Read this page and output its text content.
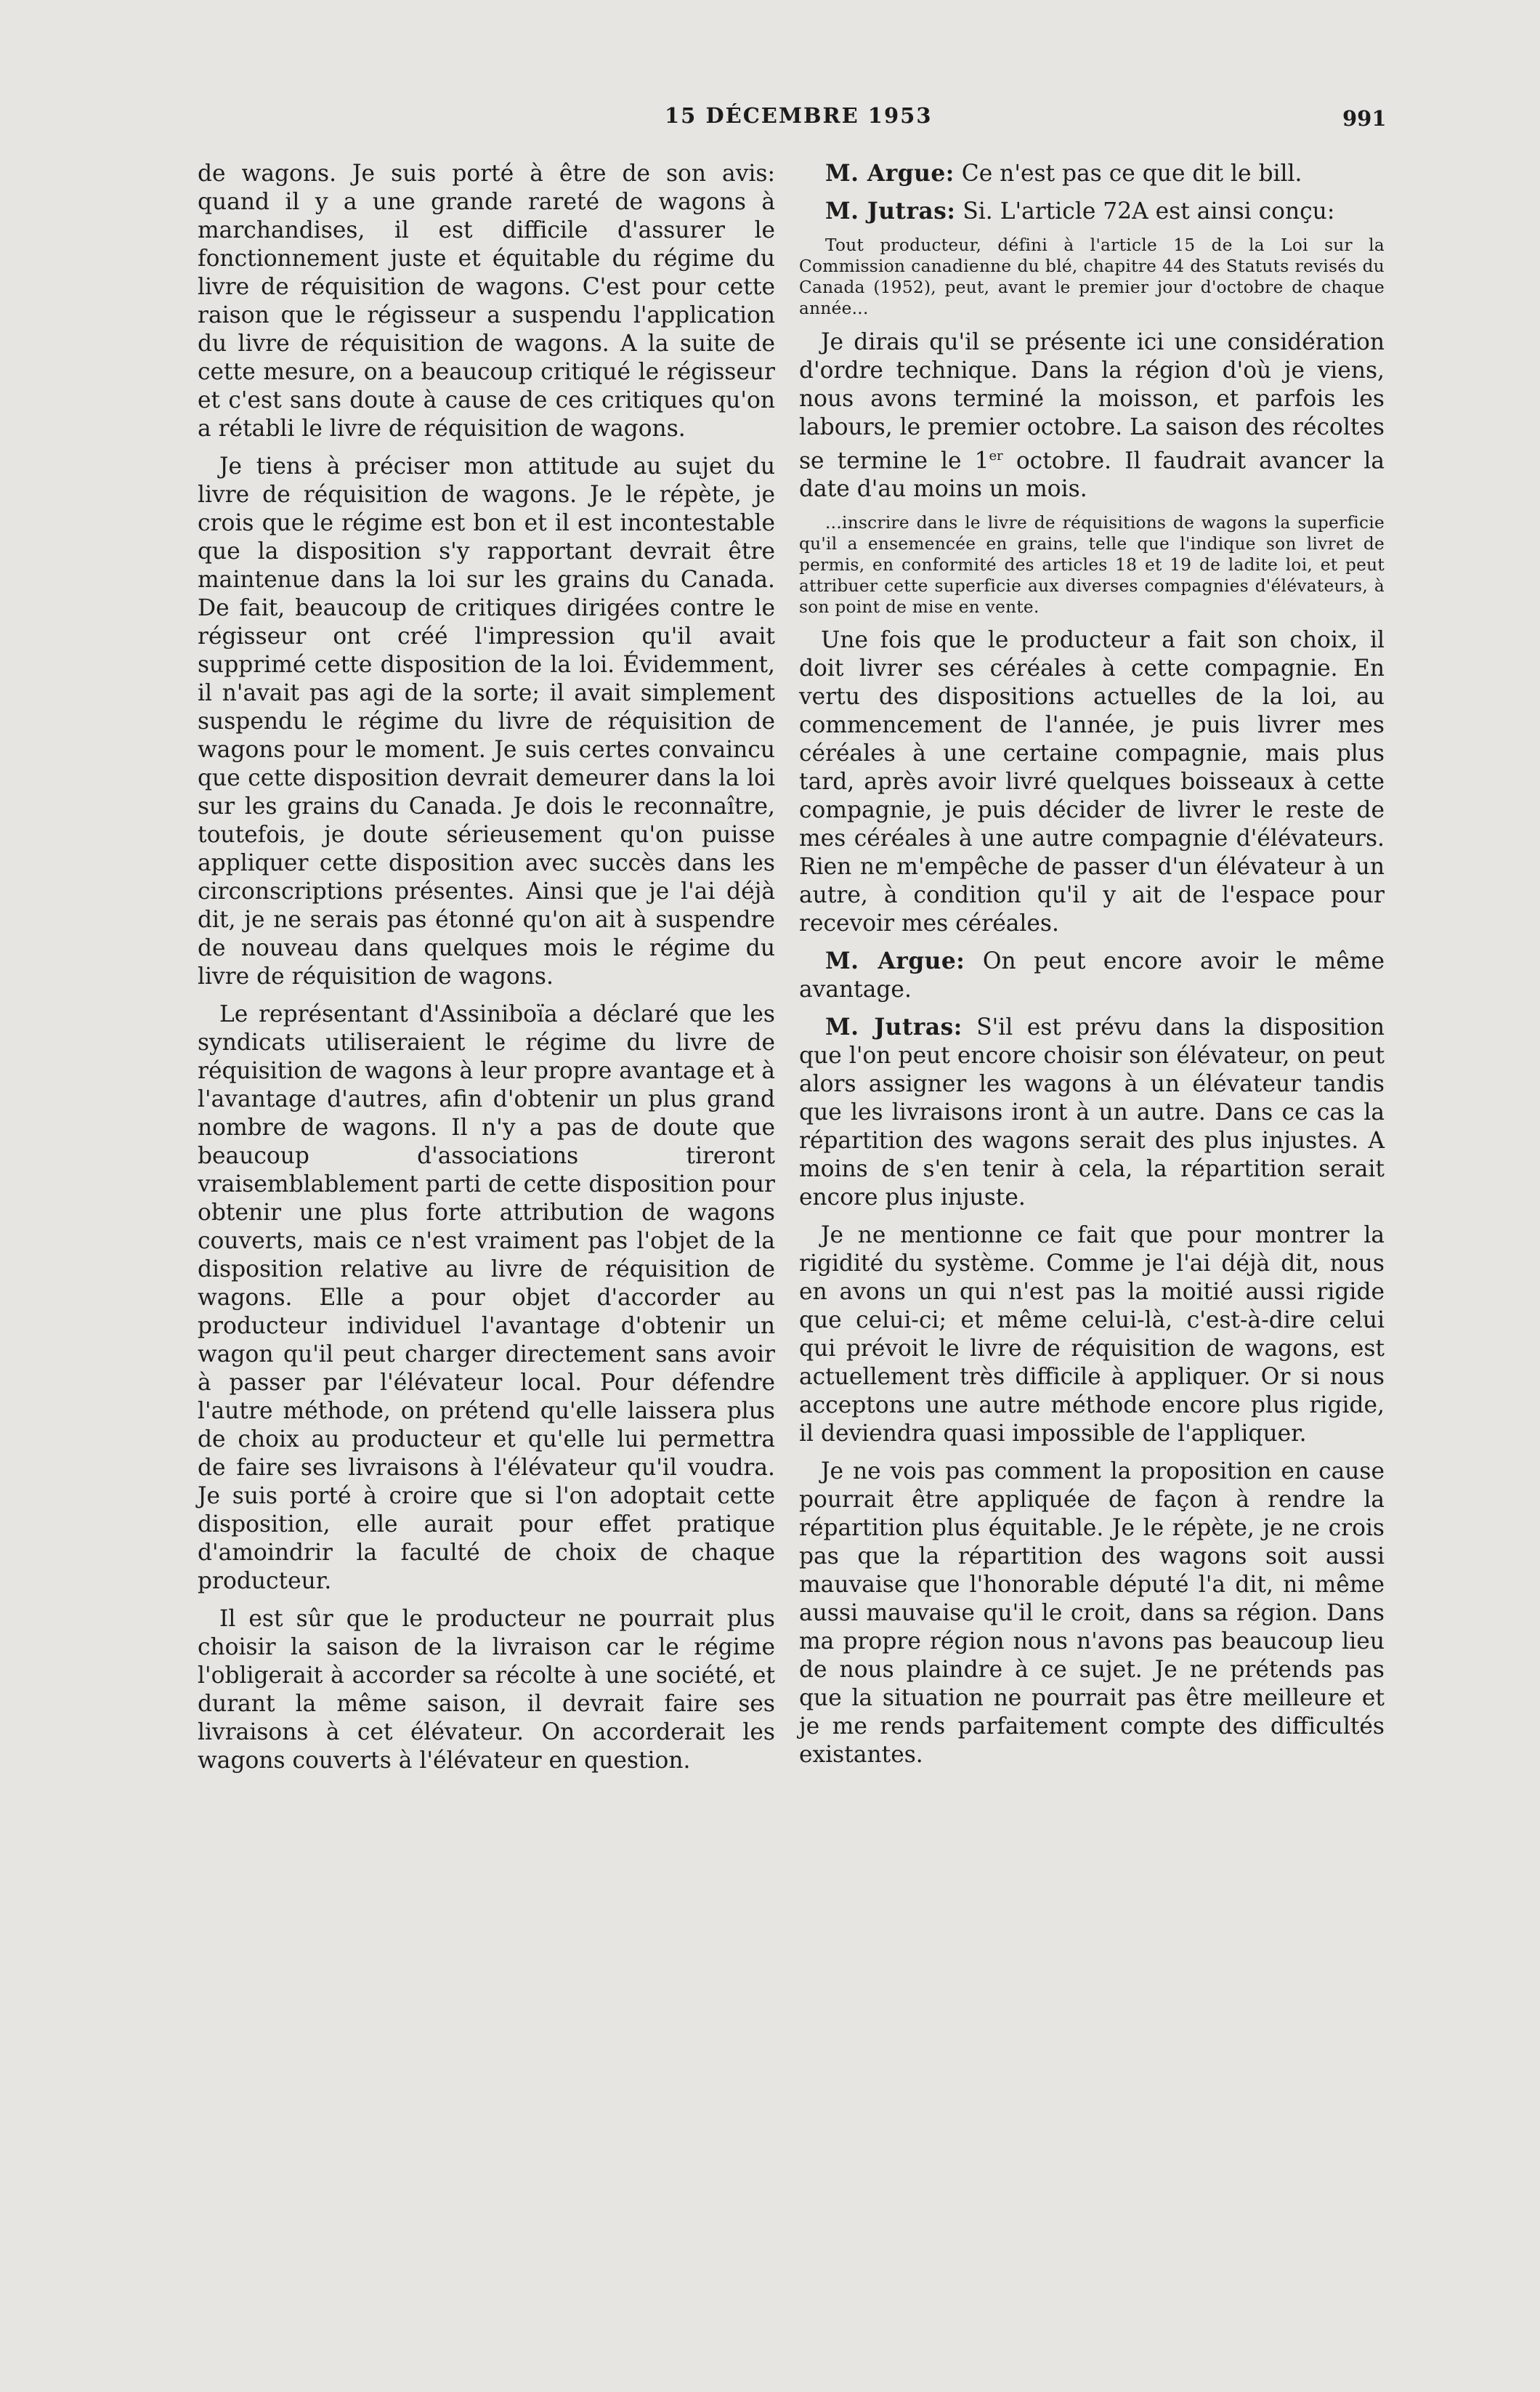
15 DÉCEMBRE 1953	991

de wagons. Je suis porté à être de son avis: quand il y a une grande rareté de wagons à marchandises, il est difficile d'assurer le fonctionnement juste et équitable du régime du livre de réquisition de wagons. C'est pour cette raison que le régisseur a suspendu l'application du livre de réquisition de wagons. A la suite de cette mesure, on a beaucoup critiqué le régisseur et c'est sans doute à cause de ces critiques qu'on a rétabli le livre de réquisition de wagons.

Je tiens à préciser mon attitude au sujet du livre de réquisition de wagons. Je le répète, je crois que le régime est bon et il est incontestable que la disposition s'y rapportant devrait être maintenue dans la loi sur les grains du Canada. De fait, beaucoup de critiques dirigées contre le régisseur ont créé l'impression qu'il avait supprimé cette disposition de la loi. Évidemment, il n'avait pas agi de la sorte; il avait simplement suspendu le régime du livre de réquisition de wagons pour le moment. Je suis certes convaincu que cette disposition devrait demeurer dans la loi sur les grains du Canada. Je dois le reconnaître, toutefois, je doute sérieusement qu'on puisse appliquer cette disposition avec succès dans les circonscriptions présentes. Ainsi que je l'ai déjà dit, je ne serais pas étonné qu'on ait à suspendre de nouveau dans quelques mois le régime du livre de réquisition de wagons.

Le représentant d'Assiniboïa a déclaré que les syndicats utiliseraient le régime du livre de réquisition de wagons à leur propre avantage et à l'avantage d'autres, afin d'obtenir un plus grand nombre de wagons. Il n'y a pas de doute que beaucoup d'associations tireront vraisemblablement parti de cette disposition pour obtenir une plus forte attribution de wagons couverts, mais ce n'est vraiment pas l'objet de la disposition relative au livre de réquisition de wagons. Elle a pour objet d'accorder au producteur individuel l'avantage d'obtenir un wagon qu'il peut charger directement sans avoir à passer par l'élévateur local. Pour défendre l'autre méthode, on prétend qu'elle laissera plus de choix au producteur et qu'elle lui permettra de faire ses livraisons à l'élévateur qu'il voudra. Je suis porté à croire que si l'on adoptait cette disposition, elle aurait pour effet pratique d'amoindrir la faculté de choix de chaque producteur.

Il est sûr que le producteur ne pourrait plus choisir la saison de la livraison car le régime l'obligerait à accorder sa récolte à une société, et durant la même saison, il devrait faire ses livraisons à cet élévateur. On accorderait les wagons couverts à l'élévateur en question.

M. Argue: Ce n'est pas ce que dit le bill.

M. Jutras: Si. L'article 72A est ainsi conçu:

Tout producteur, défini à l'article 15 de la Loi sur la Commission canadienne du blé, chapitre 44 des Statuts revisés du Canada (1952), peut, avant le premier jour d'octobre de chaque année...

Je dirais qu'il se présente ici une considération d'ordre technique. Dans la région d'où je viens, nous avons terminé la moisson, et parfois les labours, le premier octobre. La saison des récoltes se termine le 1er octobre. Il faudrait avancer la date d'au moins un mois.

...inscrire dans le livre de réquisitions de wagons la superficie qu'il a ensemencée en grains, telle que l'indique son livret de permis, en conformité des articles 18 et 19 de ladite loi, et peut attribuer cette superficie aux diverses compagnies d'élévateurs, à son point de mise en vente.

Une fois que le producteur a fait son choix, il doit livrer ses céréales à cette compagnie. En vertu des dispositions actuelles de la loi, au commencement de l'année, je puis livrer mes céréales à une certaine compagnie, mais plus tard, après avoir livré quelques boisseaux à cette compagnie, je puis décider de livrer le reste de mes céréales à une autre compagnie d'élévateurs. Rien ne m'empêche de passer d'un élévateur à un autre, à condition qu'il y ait de l'espace pour recevoir mes céréales.

M. Argue: On peut encore avoir le même avantage.

M. Jutras: S'il est prévu dans la disposition que l'on peut encore choisir son élévateur, on peut alors assigner les wagons à un élévateur tandis que les livraisons iront à un autre. Dans ce cas la répartition des wagons serait des plus injustes. A moins de s'en tenir à cela, la répartition serait encore plus injuste.

Je ne mentionne ce fait que pour montrer la rigidité du système. Comme je l'ai déjà dit, nous en avons un qui n'est pas la moitié aussi rigide que celui-ci; et même celui-là, c'est-à-dire celui qui prévoit le livre de réquisition de wagons, est actuellement très difficile à appliquer. Or si nous acceptons une autre méthode encore plus rigide, il deviendra quasi impossible de l'appliquer.

Je ne vois pas comment la proposition en cause pourrait être appliquée de façon à rendre la répartition plus équitable. Je le répète, je ne crois pas que la répartition des wagons soit aussi mauvaise que l'honorable député l'a dit, ni même aussi mauvaise qu'il le croit, dans sa région. Dans ma propre région nous n'avons pas beaucoup lieu de nous plaindre à ce sujet. Je ne prétends pas que la situation ne pourrait pas être meilleure et je me rends parfaitement compte des difficultés existantes.
